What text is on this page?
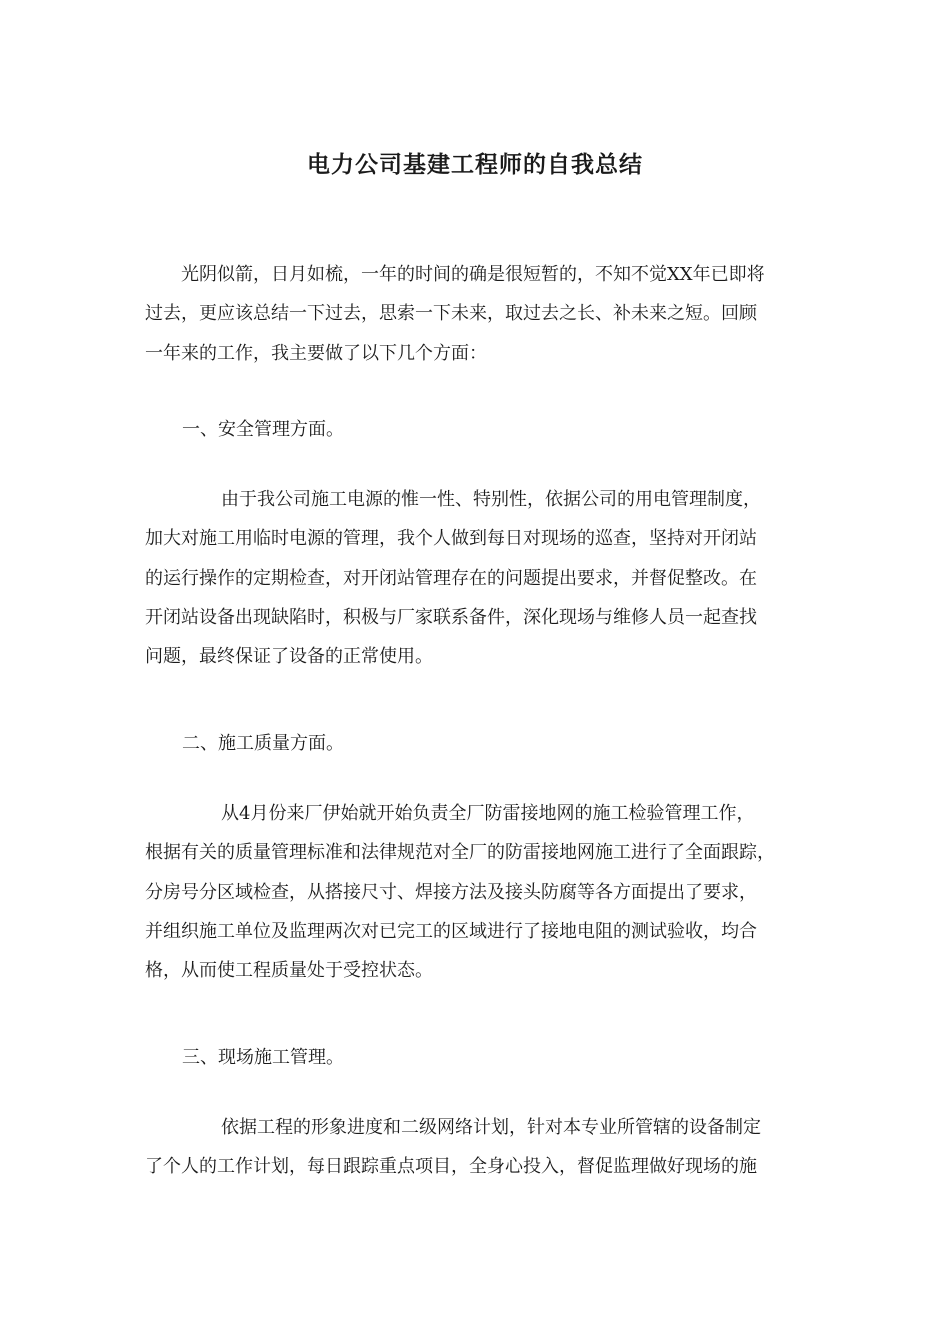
电力公司基建工程师的自我总结
光阴似箭，日月如梳，一年的时间的确是很短暂的，不知不觉XX年已即将
过去，更应该总结一下过去，思索一下未来，取过去之长、补未来之短。回顾
一年来的工作，我主要做了以下几个方面：

一、安全管理方面。

由于我公司施工电源的惟一性、特别性，依据公司的用电管理制度，
加大对施工用临时电源的管理，我个人做到每日对现场的巡查，坚持对开闭站
的运行操作的定期检查，对开闭站管理存在的问题提出要求，并督促整改。在
开闭站设备出现缺陷时，积极与厂家联系备件，深化现场与维修人员一起查找
问题，最终保证了设备的正常使用。

二、施工质量方面。

从4月份来厂伊始就开始负责全厂防雷接地网的施工检验管理工作，
根据有关的质量管理标准和法律规范对全厂的防雷接地网施工进行了全面跟踪，
分房号分区域检查，从搭接尺寸、焊接方法及接头防腐等各方面提出了要求，
并组织施工单位及监理两次对已完工的区域进行了接地电阻的测试验收，均合
格，从而使工程质量处于受控状态。

三、现场施工管理。

依据工程的形象进度和二级网络计划，针对本专业所管辖的设备制定
了个人的工作计划，每日跟踪重点项目，全身心投入，督促监理做好现场的施
